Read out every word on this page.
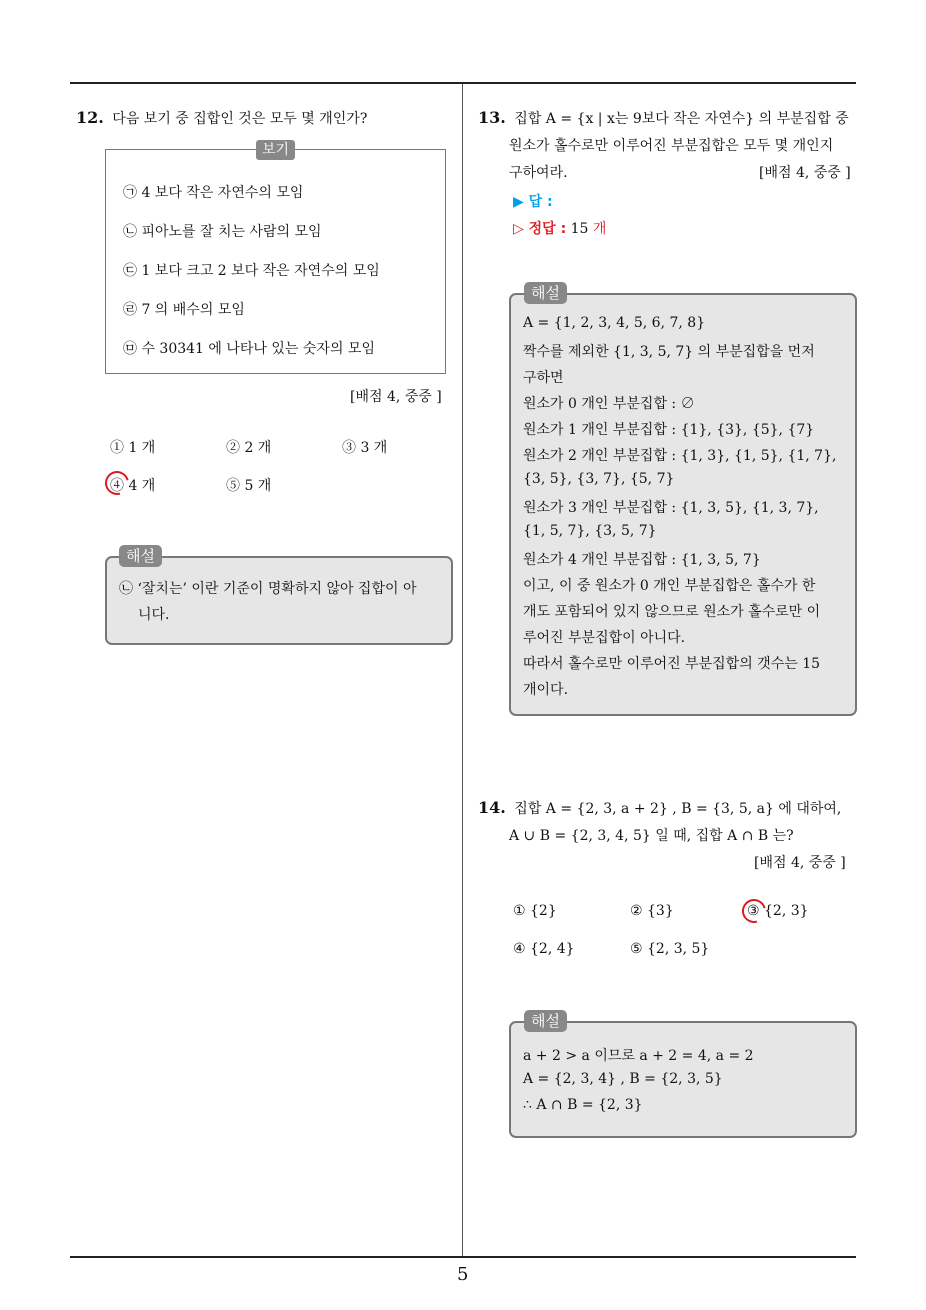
5
12. 다음 보기 중 집합인 것은 모두 몇 개인가?
보기
㉠ 4 보다 작은 자연수의 모임
㉡ 피아노를 잘 치는 사람의 모임
㉢ 1 보다 크고 2 보다 작은 자연수의 모임
㉣ 7 의 배수의 모임
㉤ 수 30341 에 나타나 있는 숫자의 모임
[배점 4, 중중 ]
① 1 개	② 2 개	③ 3 개
④ 4 개	⑤ 5 개
해설
㉡ ‘잘치는’ 이란 기준이 명확하지 않아 집합이 아
니다.
13. 집합 A = {x | x는 9보다 작은 자연수} 의 부분집합 중
원소가 홀수로만 이루어진 부분집합은 모두 몇 개인지
구하여라.	[배점 4, 중중 ]
▶ 답 :
▷ 정답 : 15 개
해설
A = {1, 2, 3, 4, 5, 6, 7, 8}
짝수를 제외한 {1, 3, 5, 7} 의 부분집합을 먼저
구하면
원소가 0 개인 부분집합 : ∅
원소가 1 개인 부분집합 : {1}, {3}, {5}, {7}
원소가 2 개인 부분집합 : {1, 3}, {1, 5}, {1, 7},
{3, 5}, {3, 7}, {5, 7}
원소가 3 개인 부분집합 : {1, 3, 5}, {1, 3, 7},
{1, 5, 7}, {3, 5, 7}
원소가 4 개인 부분집합 : {1, 3, 5, 7}
이고, 이 중 원소가 0 개인 부분집합은 홀수가 한
개도 포함되어 있지 않으므로 원소가 홀수로만 이
루어진 부분집합이 아니다.
따라서 홀수로만 이루어진 부분집합의 갯수는 15
개이다.
14. 집합 A = {2, 3, a + 2} , B = {3, 5, a} 에 대하여,
A ∪ B = {2, 3, 4, 5} 일 때, 집합 A ∩ B 는?
[배점 4, 중중 ]
① {2}	② {3}	③ {2, 3}
④ {2, 4}	⑤ {2, 3, 5}
해설
a + 2 > a 이므로 a + 2 = 4, a = 2
A = {2, 3, 4} , B = {2, 3, 5}
∴ A ∩ B = {2, 3}
